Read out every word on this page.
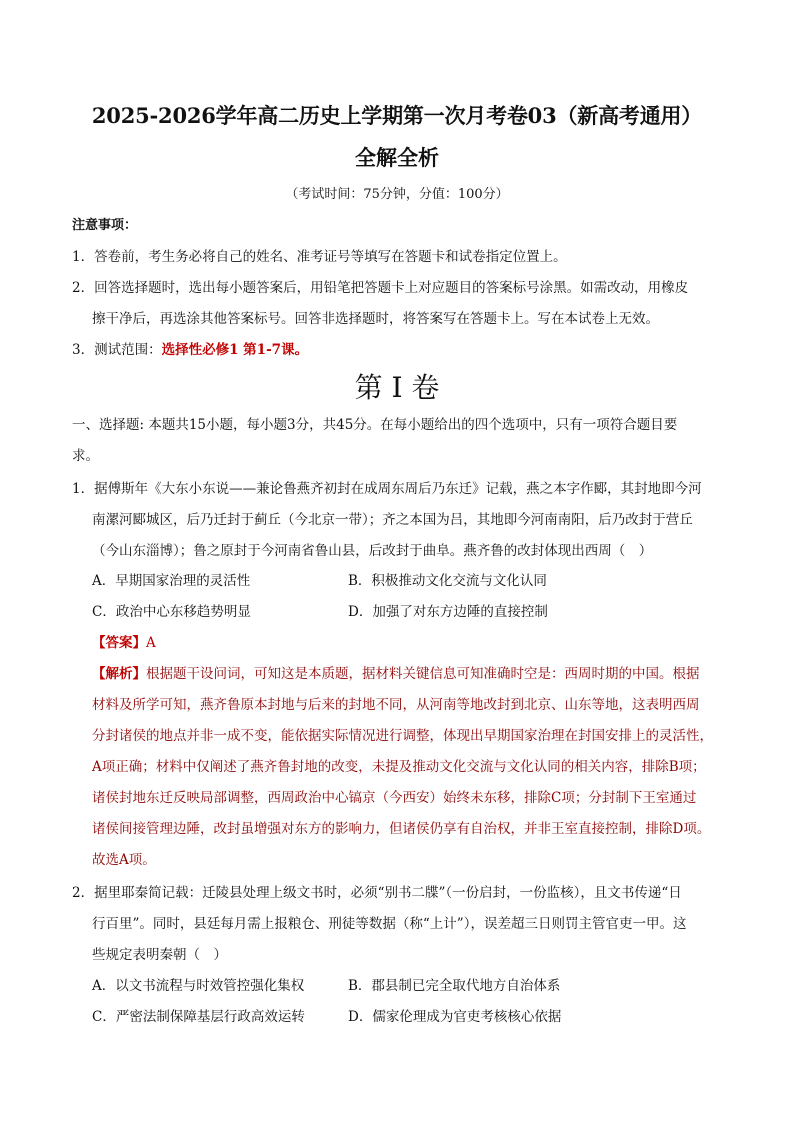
2025-2026学年高二历史上学期第一次月考卷03（新高考通用）
全解全析
（考试时间：75分钟，分值：100分）
注意事项：
1．答卷前，考生务必将自己的姓名、准考证号等填写在答题卡和试卷指定位置上。
2．回答选择题时，选出每小题答案后，用铅笔把答题卡上对应题目的答案标号涂黑。如需改动，用橡皮
擦干净后，再选涂其他答案标号。回答非选择题时，将答案写在答题卡上。写在本试卷上无效。
3．测试范围：选择性必修1 第1-7课。
第 I 卷
一、选择题: 本题共15小题，每小题3分，共45分。在每小题给出的四个选项中，只有一项符合题目要
求。
1．据傅斯年《大东小东说——兼论鲁燕齐初封在成周东周后乃东迁》记载，燕之本字作郾，其封地即今河
南漯河郾城区，后乃迁封于蓟丘（今北京一带）；齐之本国为吕，其地即今河南南阳，后乃改封于营丘
（今山东淄博）；鲁之原封于今河南省鲁山县，后改封于曲阜。燕齐鲁的改封体现出西周（　）
A．早期国家治理的灵活性	B．积极推动文化交流与文化认同
C．政治中心东移趋势明显	D．加强了对东方边陲的直接控制
【答案】A
【解析】根据题干设问词，可知这是本质题，据材料关键信息可知准确时空是：西周时期的中国。根据
材料及所学可知，燕齐鲁原本封地与后来的封地不同，从河南等地改封到北京、山东等地，这表明西周
分封诸侯的地点并非一成不变，能依据实际情况进行调整，体现出早期国家治理在封国安排上的灵活性，
A项正确；材料中仅阐述了燕齐鲁封地的改变，未提及推动文化交流与文化认同的相关内容，排除B项；
诸侯封地东迁反映局部调整，西周政治中心镐京（今西安）始终未东移，排除C项；分封制下王室通过
诸侯间接管理边陲，改封虽增强对东方的影响力，但诸侯仍享有自治权，并非王室直接控制，排除D项。
故选A项。
2．据里耶秦简记载：迁陵县处理上级文书时，必须“别书二牒”（一份启封，一份监核），且文书传递“日
行百里”。同时，县廷每月需上报粮仓、刑徒等数据（称“上计”），误差超三日则罚主管官吏一甲。这
些规定表明秦朝（　）
A．以文书流程与时效管控强化集权	B．郡县制已完全取代地方自治体系
C．严密法制保障基层行政高效运转	D．儒家伦理成为官吏考核核心依据
